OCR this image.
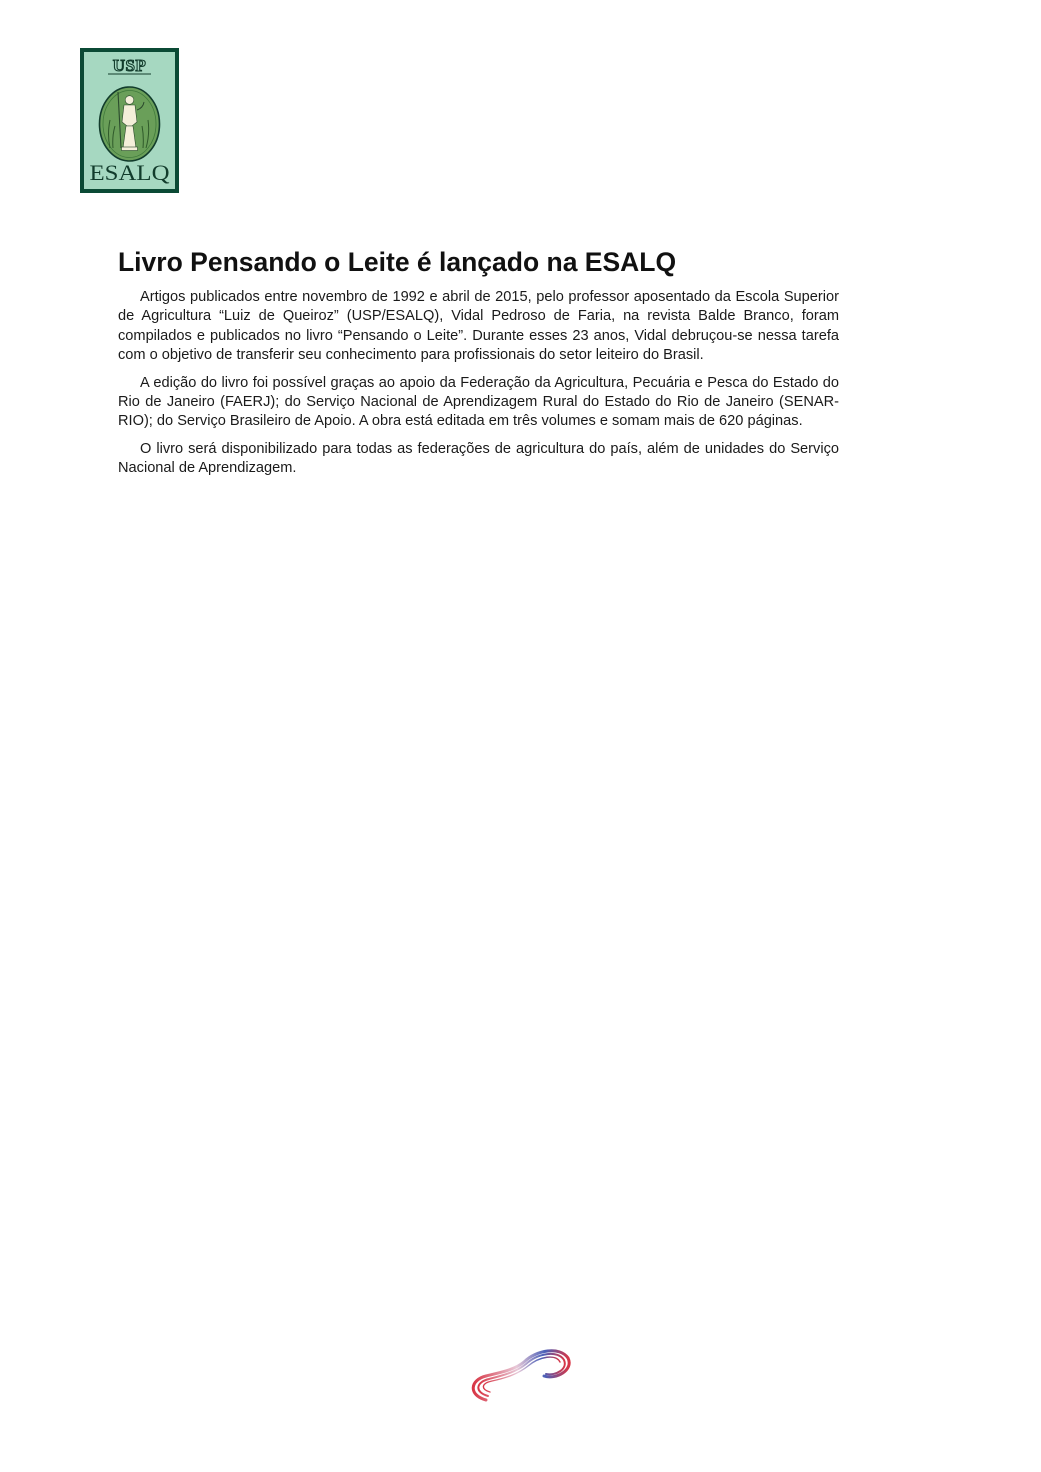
USP
ESALQ
Livro Pensando o Leite é lançado na ESALQ

Artigos publicados entre novembro de 1992 e abril de 2015, pelo professor aposentado da Escola Superior de Agricultura “Luiz de Queiroz” (USP/ESALQ), Vidal Pedroso de Faria, na revista Balde Branco, foram compilados e publicados no livro “Pensando o Leite”. Durante esses 23 anos, Vidal debruçou-se nessa tarefa com o objetivo de transferir seu conhecimento para profissionais do setor leiteiro do Brasil.

A edição do livro foi possível graças ao apoio da Federação da Agricultura, Pecuária e Pesca do Estado do Rio de Janeiro (FAERJ); do Serviço Nacional de Aprendizagem Rural do Estado do Rio de Janeiro (SENAR-RIO); do Serviço Brasileiro de Apoio. A obra está editada em três volumes e somam mais de 620 páginas.

O livro será disponibilizado para todas as federações de agricultura do país, além de unidades do Serviço Nacional de Aprendizagem.
